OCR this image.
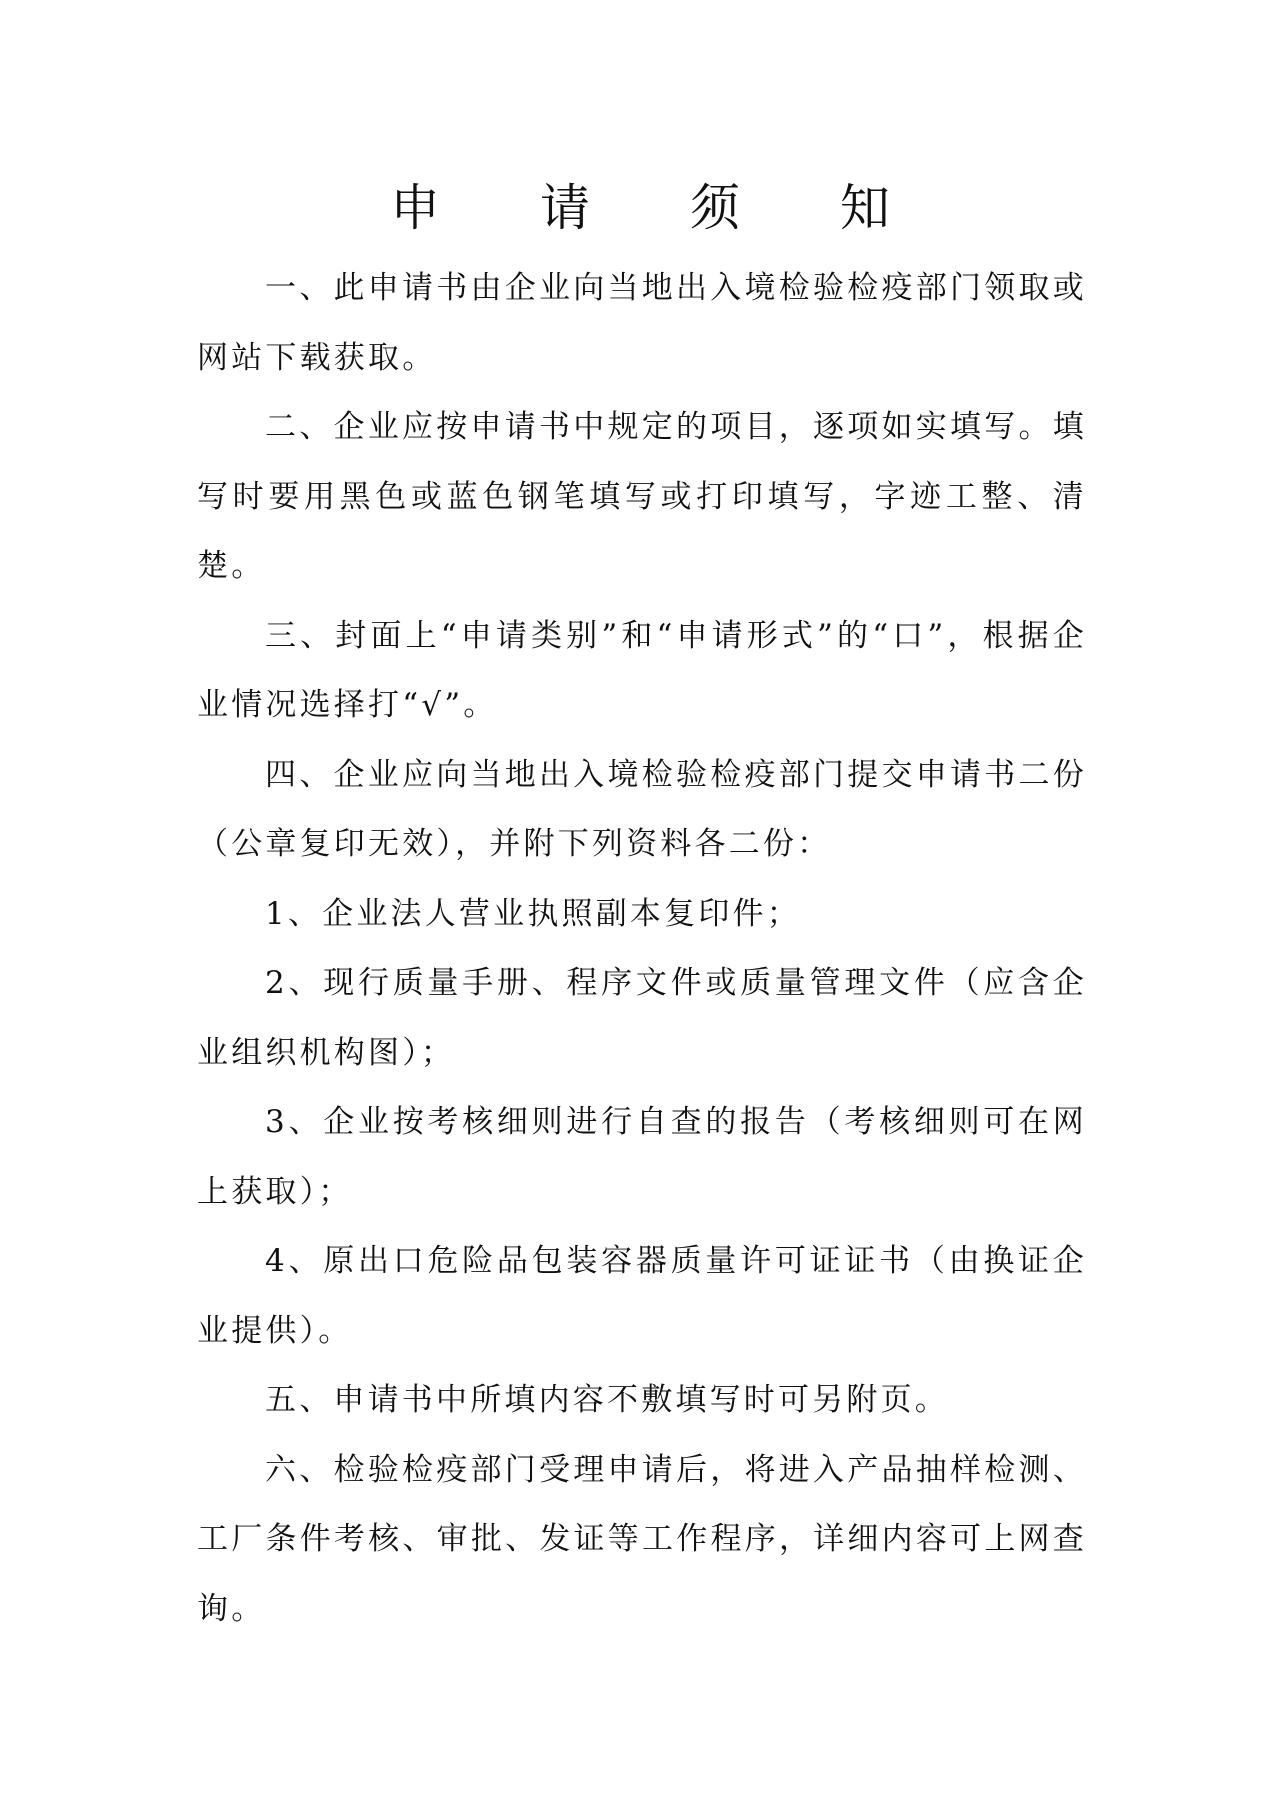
申 请 须 知

一、此申请书由企业向当地出入境检验检疫部门领取或网站下载获取。

二、企业应按申请书中规定的项目，逐项如实填写。填写时要用黑色或蓝色钢笔填写或打印填写，字迹工整、清楚。

三、封面上“申请类别”和“申请形式”的“口”，根据企业情况选择打“√”。

四、企业应向当地出入境检验检疫部门提交申请书二份（公章复印无效），并附下列资料各二份：

1、企业法人营业执照副本复印件；

2、现行质量手册、程序文件或质量管理文件（应含企业组织机构图）；

3、企业按考核细则进行自查的报告（考核细则可在网上获取）；

4、原出口危险品包装容器质量许可证证书（由换证企业提供）。

五、申请书中所填内容不敷填写时可另附页。

六、检验检疫部门受理申请后，将进入产品抽样检测、工厂条件考核、审批、发证等工作程序，详细内容可上网查询。
